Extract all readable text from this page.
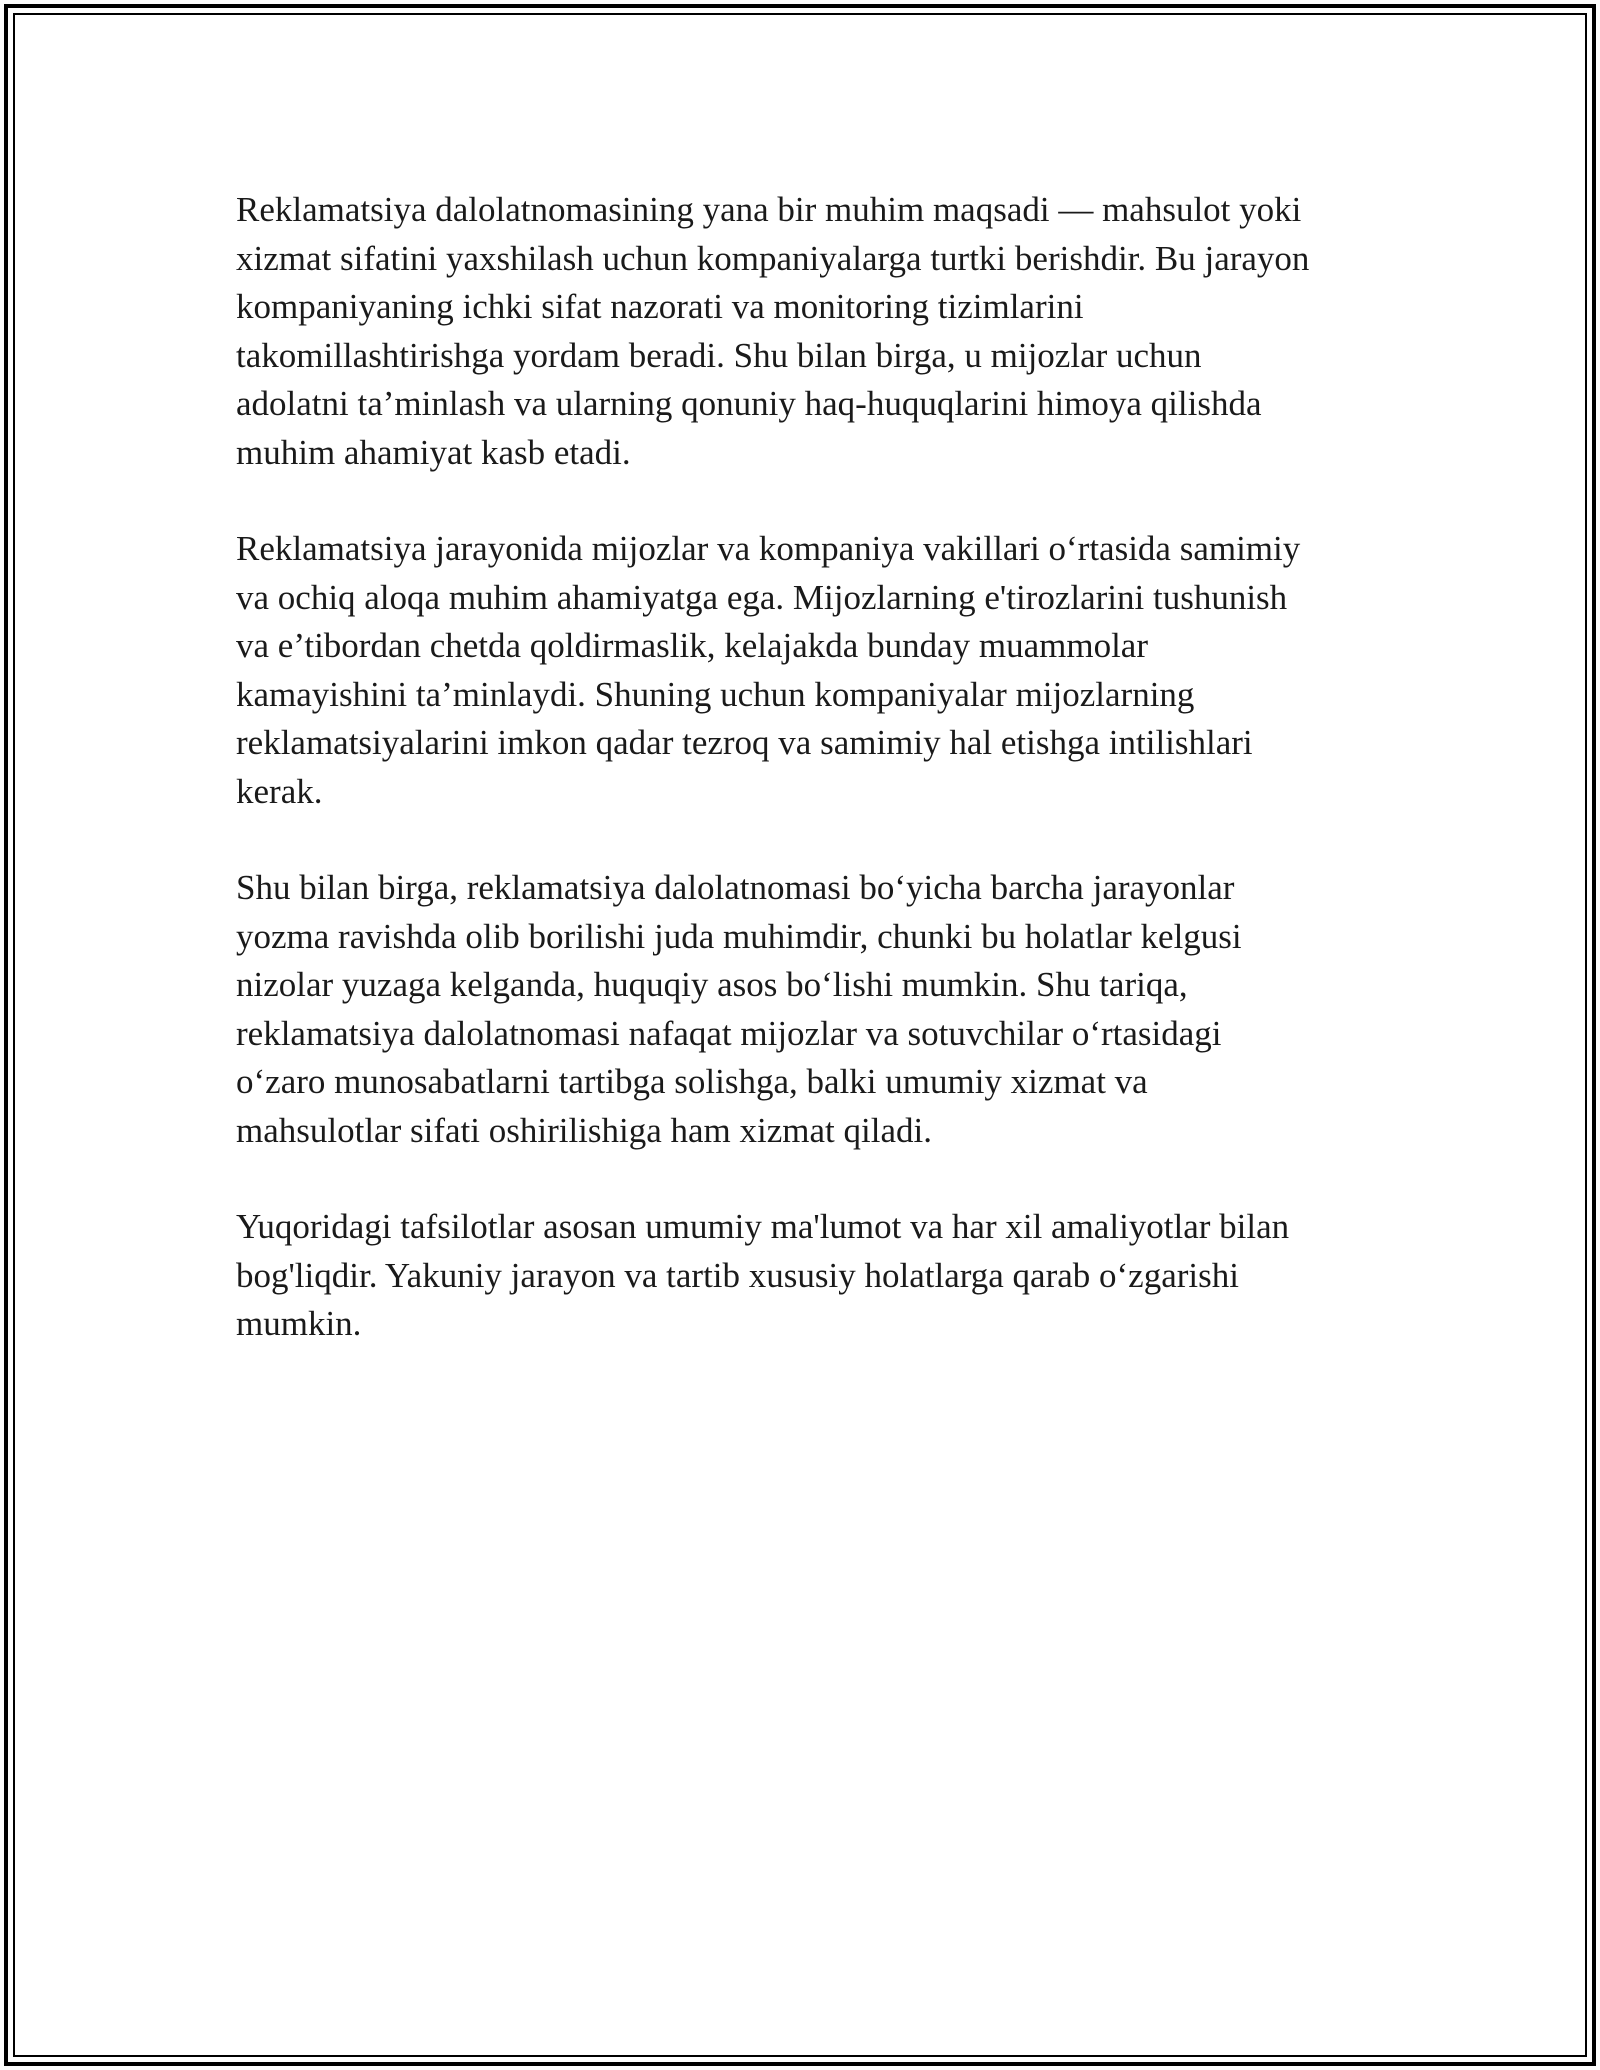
Reklamatsiya dalolatnomasining yana bir muhim maqsadi — mahsulot yoki
xizmat sifatini yaxshilash uchun kompaniyalarga turtki berishdir. Bu jarayon
kompaniyaning ichki sifat nazorati va monitoring tizimlarini
takomillashtirishga yordam beradi. Shu bilan birga, u mijozlar uchun
adolatni ta’minlash va ularning qonuniy haq-huquqlarini himoya qilishda
muhim ahamiyat kasb etadi.

Reklamatsiya jarayonida mijozlar va kompaniya vakillari o‘rtasida samimiy
va ochiq aloqa muhim ahamiyatga ega. Mijozlarning e'tirozlarini tushunish
va e’tibordan chetda qoldirmaslik, kelajakda bunday muammolar
kamayishini ta’minlaydi. Shuning uchun kompaniyalar mijozlarning
reklamatsiyalarini imkon qadar tezroq va samimiy hal etishga intilishlari
kerak.

Shu bilan birga, reklamatsiya dalolatnomasi bo‘yicha barcha jarayonlar
yozma ravishda olib borilishi juda muhimdir, chunki bu holatlar kelgusi
nizolar yuzaga kelganda, huquqiy asos bo‘lishi mumkin. Shu tariqa,
reklamatsiya dalolatnomasi nafaqat mijozlar va sotuvchilar o‘rtasidagi
o‘zaro munosabatlarni tartibga solishga, balki umumiy xizmat va
mahsulotlar sifati oshirilishiga ham xizmat qiladi.

Yuqoridagi tafsilotlar asosan umumiy ma'lumot va har xil amaliyotlar bilan
bog'liqdir. Yakuniy jarayon va tartib xususiy holatlarga qarab o‘zgarishi
mumkin.
